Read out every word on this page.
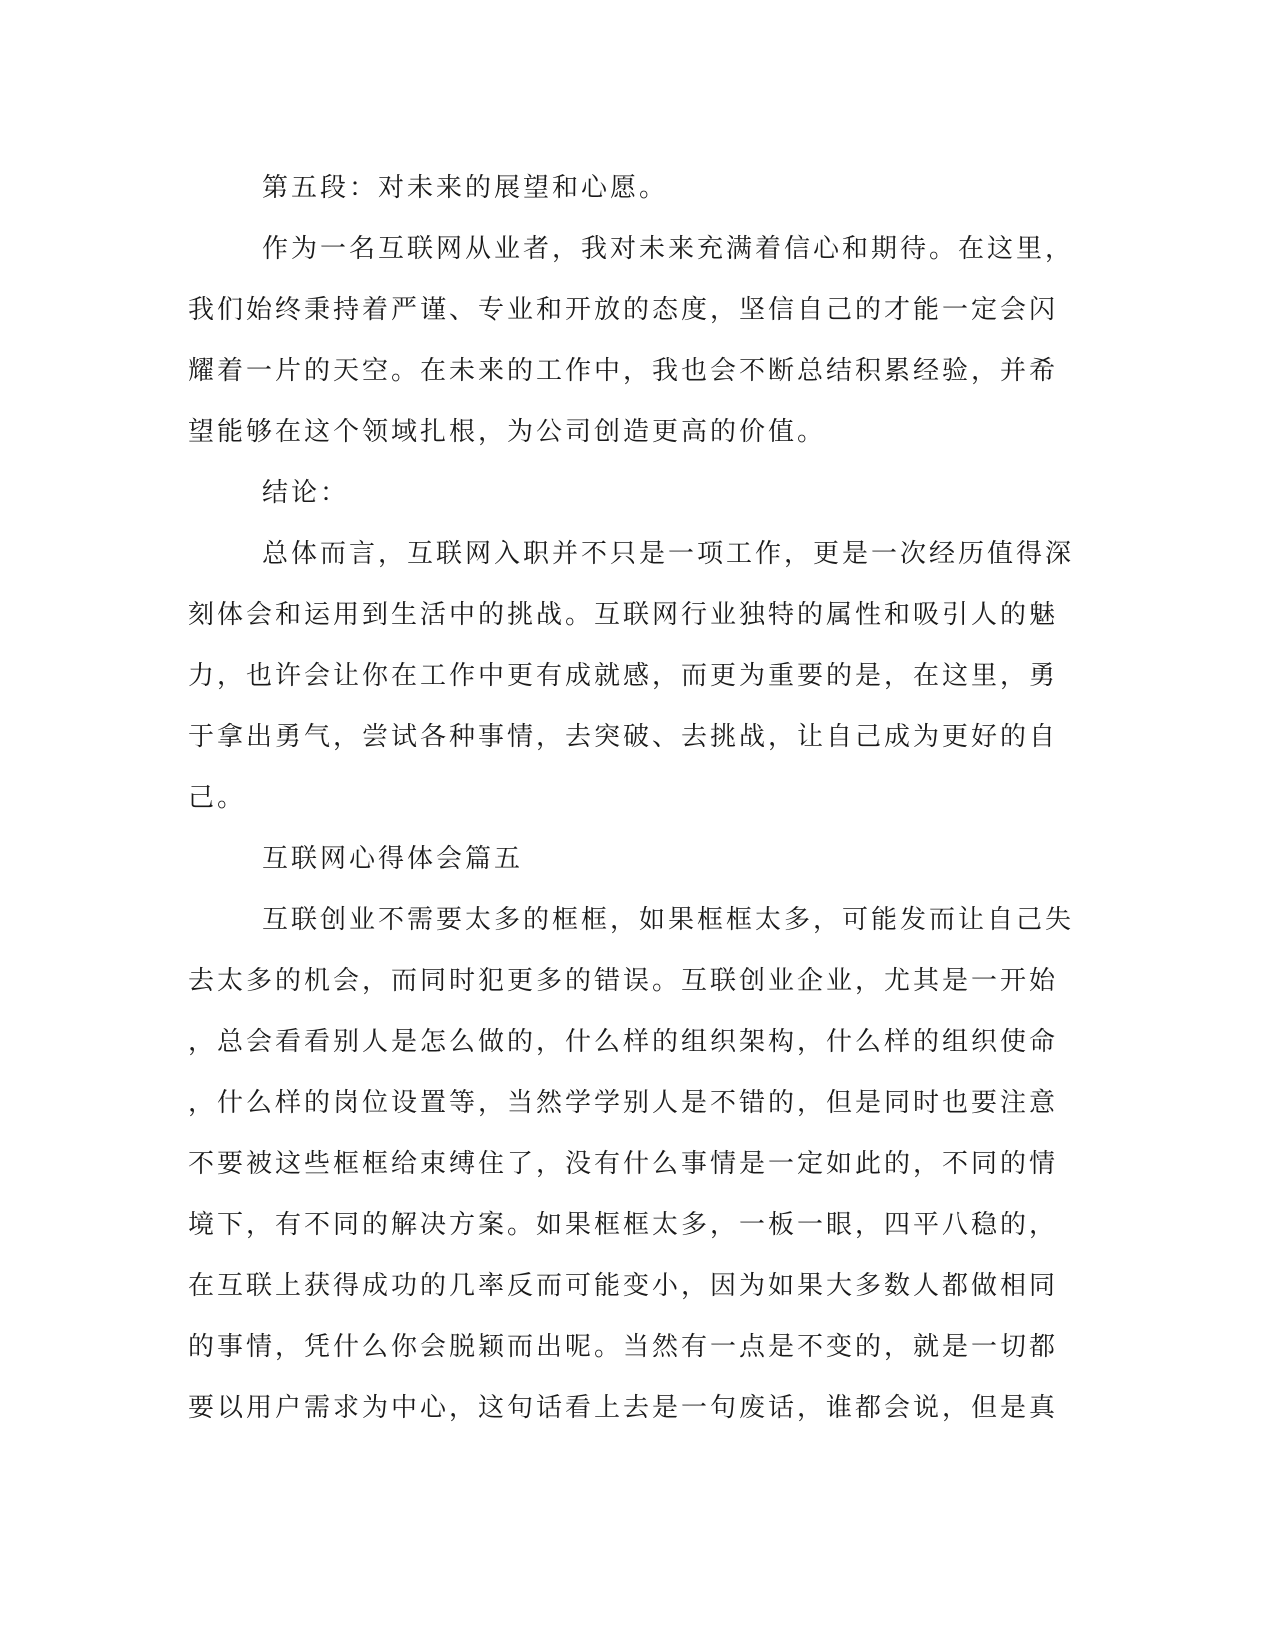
第五段：对未来的展望和心愿。
作为一名互联网从业者，我对未来充满着信心和期待。在这里，
我们始终秉持着严谨、专业和开放的态度，坚信自己的才能一定会闪
耀着一片的天空。在未来的工作中，我也会不断总结积累经验，并希
望能够在这个领域扎根，为公司创造更高的价值。
结论：
总体而言，互联网入职并不只是一项工作，更是一次经历值得深
刻体会和运用到生活中的挑战。互联网行业独特的属性和吸引人的魅
力，也许会让你在工作中更有成就感，而更为重要的是，在这里，勇
于拿出勇气，尝试各种事情，去突破、去挑战，让自己成为更好的自
己。
互联网心得体会篇五
互联创业不需要太多的框框，如果框框太多，可能发而让自己失
去太多的机会，而同时犯更多的错误。互联创业企业，尤其是一开始
，总会看看别人是怎么做的，什么样的组织架构，什么样的组织使命
，什么样的岗位设置等，当然学学别人是不错的，但是同时也要注意
不要被这些框框给束缚住了，没有什么事情是一定如此的，不同的情
境下，有不同的解决方案。如果框框太多，一板一眼，四平八稳的，
在互联上获得成功的几率反而可能变小，因为如果大多数人都做相同
的事情，凭什么你会脱颖而出呢。当然有一点是不变的，就是一切都
要以用户需求为中心，这句话看上去是一句废话，谁都会说，但是真
